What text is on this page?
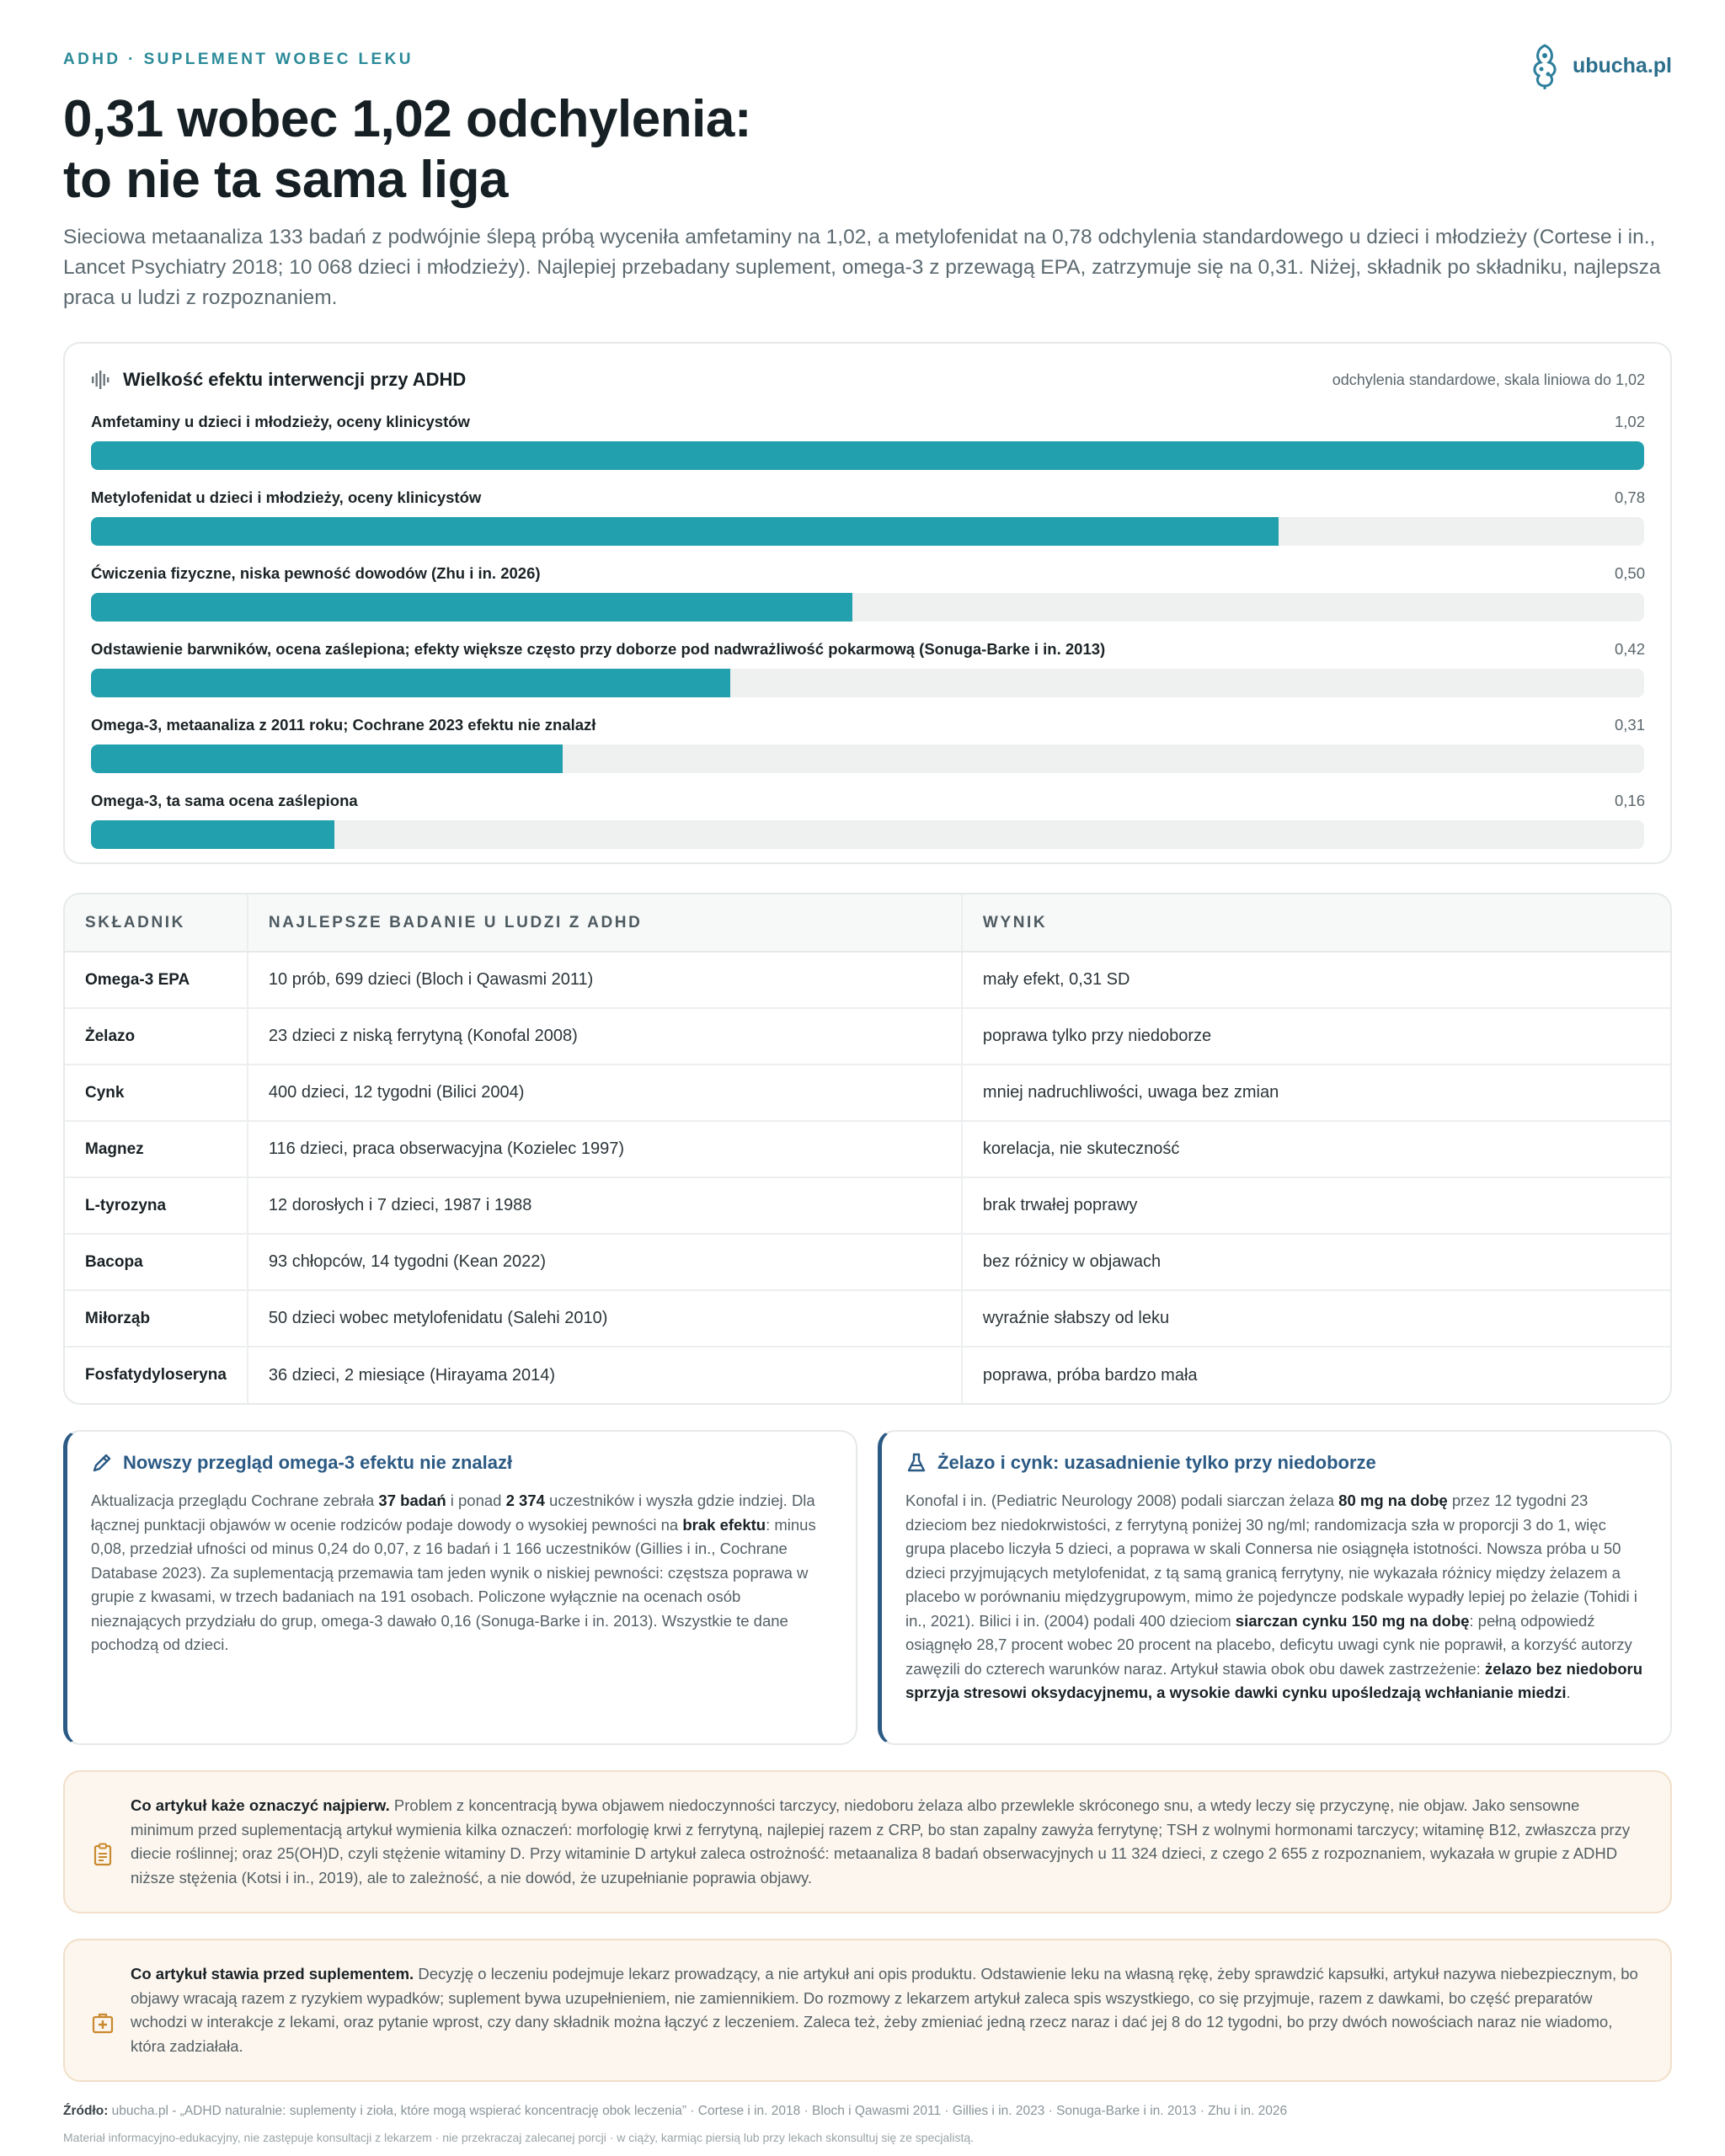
ADHD · SUPLEMENT WOBEC LEKU	ubucha.pl
0,31 wobec 1,02 odchylenia:
to nie ta sama liga

Sieciowa metaanaliza 133 badań z podwójnie ślepą próbą wyceniła amfetaminy na 1,02, a metylofenidat na 0,78 odchylenia standardowego u dzieci i młodzieży (Cortese i in., Lancet Psychiatry 2018; 10 068 dzieci i młodzieży). Najlepiej przebadany suplement, omega-3 z przewagą EPA, zatrzymuje się na 0,31. Niżej, składnik po składniku, najlepsza praca u ludzi z rozpoznaniem.

Wielkość efektu interwencji przy ADHD	odchylenia standardowe, skala liniowa do 1,02
Amfetaminy u dzieci i młodzieży, oceny klinicystów	1,02
Metylofenidat u dzieci i młodzieży, oceny klinicystów	0,78
Ćwiczenia fizyczne, niska pewność dowodów (Zhu i in. 2026)	0,50
Odstawienie barwników, ocena zaślepiona; efekty większe często przy doborze pod nadwrażliwość pokarmową (Sonuga-Barke i in. 2013)	0,42
Omega-3, metaanaliza z 2011 roku; Cochrane 2023 efektu nie znalazł	0,31
Omega-3, ta sama ocena zaślepiona	0,16
SKŁADNIK	NAJLEPSZE BADANIE U LUDZI Z ADHD	WYNIK
Omega-3 EPA	10 prób, 699 dzieci (Bloch i Qawasmi 2011)	mały efekt, 0,31 SD
Żelazo	23 dzieci z niską ferrytyną (Konofal 2008)	poprawa tylko przy niedoborze
Cynk	400 dzieci, 12 tygodni (Bilici 2004)	mniej nadruchliwości, uwaga bez zmian
Magnez	116 dzieci, praca obserwacyjna (Kozielec 1997)	korelacja, nie skuteczność
L-tyrozyna	12 dorosłych i 7 dzieci, 1987 i 1988	brak trwałej poprawy
Bacopa	93 chłopców, 14 tygodni (Kean 2022)	bez różnicy w objawach
Miłorząb	50 dzieci wobec metylofenidatu (Salehi 2010)	wyraźnie słabszy od leku
Fosfatydyloseryna	36 dzieci, 2 miesiące (Hirayama 2014)	poprawa, próba bardzo mała
Nowszy przegląd omega-3 efektu nie znalazł

Aktualizacja przeglądu Cochrane zebrała 37 badań i ponad 2 374 uczestników i wyszła gdzie indziej. Dla łącznej punktacji objawów w ocenie rodziców podaje dowody o wysokiej pewności na brak efektu: minus 0,08, przedział ufności od minus 0,24 do 0,07, z 16 badań i 1 166 uczestników (Gillies i in., Cochrane Database 2023). Za suplementacją przemawia tam jeden wynik o niskiej pewności: częstsza poprawa w grupie z kwasami, w trzech badaniach na 191 osobach. Policzone wyłącznie na ocenach osób nieznających przydziału do grup, omega-3 dawało 0,16 (Sonuga-Barke i in. 2013). Wszystkie te dane pochodzą od dzieci.

Żelazo i cynk: uzasadnienie tylko przy niedoborze

Konofal i in. (Pediatric Neurology 2008) podali siarczan żelaza 80 mg na dobę przez 12 tygodni 23 dzieciom bez niedokrwistości, z ferrytyną poniżej 30 ng/ml; randomizacja szła w proporcji 3 do 1, więc grupa placebo liczyła 5 dzieci, a poprawa w skali Connersa nie osiągnęła istotności. Nowsza próba u 50 dzieci przyjmujących metylofenidat, z tą samą granicą ferrytyny, nie wykazała różnicy między żelazem a placebo w porównaniu międzygrupowym, mimo że pojedyncze podskale wypadły lepiej po żelazie (Tohidi i in., 2021). Bilici i in. (2004) podali 400 dzieciom siarczan cynku 150 mg na dobę: pełną odpowiedź osiągnęło 28,7 procent wobec 20 procent na placebo, deficytu uwagi cynk nie poprawił, a korzyść autorzy zawęzili do czterech warunków naraz. Artykuł stawia obok obu dawek zastrzeżenie: żelazo bez niedoboru sprzyja stresowi oksydacyjnemu, a wysokie dawki cynku upośledzają wchłanianie miedzi.

Co artykuł każe oznaczyć najpierw. Problem z koncentracją bywa objawem niedoczynności tarczycy, niedoboru żelaza albo przewlekle skróconego snu, a wtedy leczy się przyczynę, nie objaw. Jako sensowne minimum przed suplementacją artykuł wymienia kilka oznaczeń: morfologię krwi z ferrytyną, najlepiej razem z CRP, bo stan zapalny zawyża ferrytynę; TSH z wolnymi hormonami tarczycy; witaminę B12, zwłaszcza przy diecie roślinnej; oraz 25(OH)D, czyli stężenie witaminy D. Przy witaminie D artykuł zaleca ostrożność: metaanaliza 8 badań obserwacyjnych u 11 324 dzieci, z czego 2 655 z rozpoznaniem, wykazała w grupie z ADHD niższe stężenia (Kotsi i in., 2019), ale to zależność, a nie dowód, że uzupełnianie poprawia objawy.

Co artykuł stawia przed suplementem. Decyzję o leczeniu podejmuje lekarz prowadzący, a nie artykuł ani opis produktu. Odstawienie leku na własną rękę, żeby sprawdzić kapsułki, artykuł nazywa niebezpiecznym, bo objawy wracają razem z ryzykiem wypadków; suplement bywa uzupełnieniem, nie zamiennikiem. Do rozmowy z lekarzem artykuł zaleca spis wszystkiego, co się przyjmuje, razem z dawkami, bo część preparatów wchodzi w interakcje z lekami, oraz pytanie wprost, czy dany składnik można łączyć z leczeniem. Zaleca też, żeby zmieniać jedną rzecz naraz i dać jej 8 do 12 tygodni, bo przy dwóch nowościach naraz nie wiadomo, która zadziałała.

Źródło: ubucha.pl - „ADHD naturalnie: suplementy i zioła, które mogą wspierać koncentrację obok leczenia” · Cortese i in. 2018 · Bloch i Qawasmi 2011 · Gillies i in. 2023 · Sonuga-Barke i in. 2013 · Zhu i in. 2026

Materiał informacyjno-edukacyjny, nie zastępuje konsultacji z lekarzem · nie przekraczaj zalecanej porcji · w ciąży, karmiąc piersią lub przy lekach skonsultuj się ze specjalistą.
